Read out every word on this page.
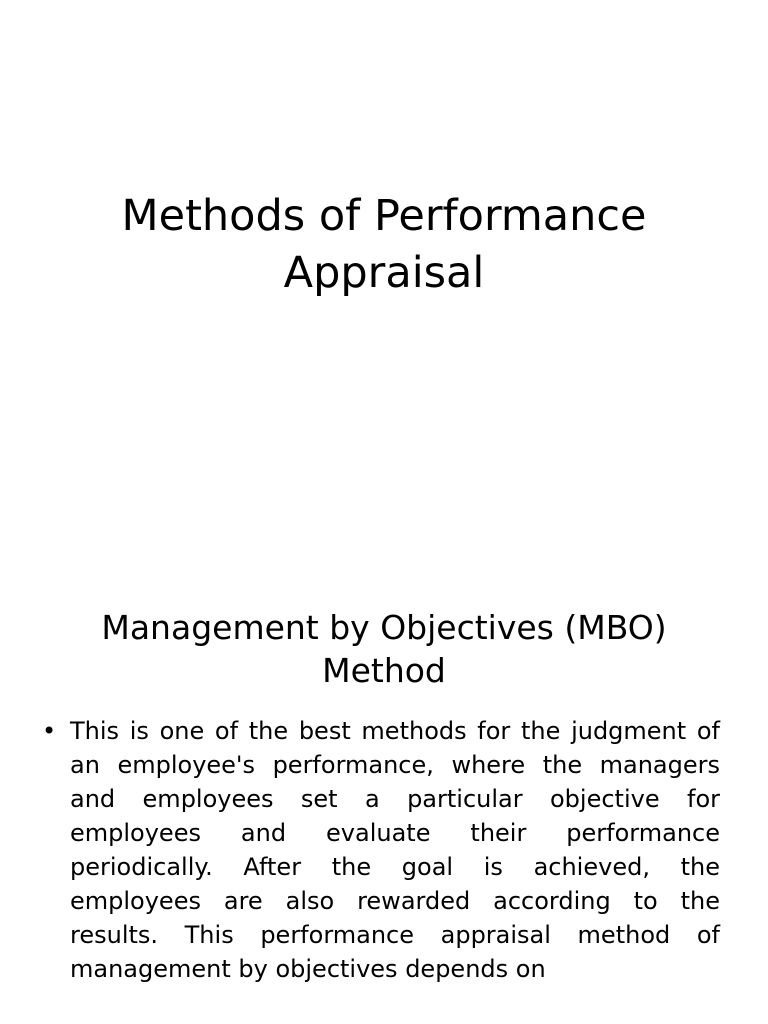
Methods of Performance Appraisal
Management by Objectives (MBO) Method
• This is one of the best methods for the judgment of an employee's performance, where the managers and employees set a particular objective for employees and evaluate their performance periodically. After the goal is achieved, the employees are also rewarded according to the results. This performance appraisal method of management by objectives depends on
